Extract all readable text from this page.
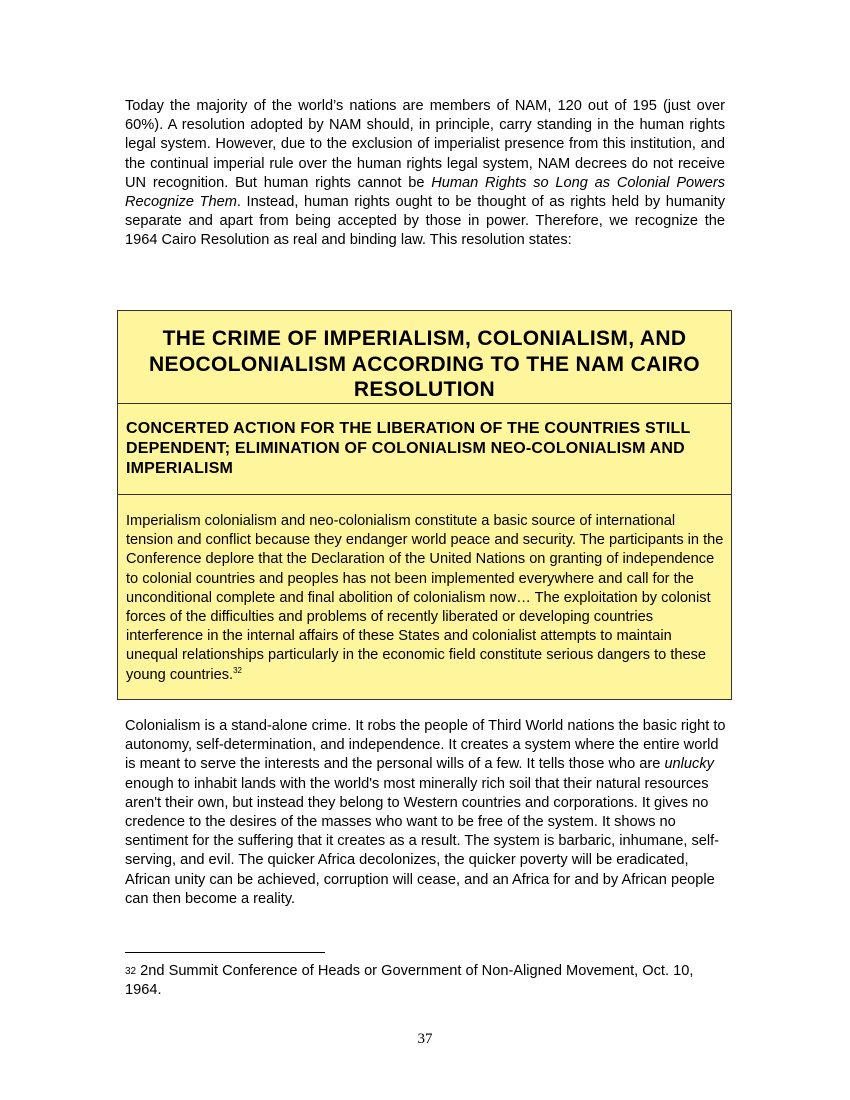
Today the majority of the world’s nations are members of NAM, 120 out of 195 (just over 60%). A resolution adopted by NAM should, in principle, carry standing in the human rights legal system. However, due to the exclusion of imperialist presence from this institution, and the continual imperial rule over the human rights legal system, NAM decrees do not receive UN recognition. But human rights cannot be Human Rights so Long as Colonial Powers Recognize Them. Instead, human rights ought to be thought of as rights held by humanity separate and apart from being accepted by those in power. Therefore, we recognize the 1964 Cairo Resolution as real and binding law. This resolution states:

THE CRIME OF IMPERIALISM, COLONIALISM, AND NEOCOLONIALISM ACCORDING TO THE NAM CAIRO RESOLUTION
CONCERTED ACTION FOR THE LIBERATION OF THE COUNTRIES STILL DEPENDENT; ELIMINATION OF COLONIALISM NEO-COLONIALISM AND IMPERIALISM

Imperialism colonialism and neo-colonialism constitute a basic source of international tension and conflict because they endanger world peace and security. The participants in the Conference deplore that the Declaration of the United Nations on granting of independence to colonial countries and peoples has not been implemented everywhere and call for the unconditional complete and final abolition of colonialism now… The exploitation by colonist forces of the difficulties and problems of recently liberated or developing countries interference in the internal affairs of these States and colonialist attempts to maintain unequal relationships particularly in the economic field constitute serious dangers to these young countries.$^{32}$

Colonialism is a stand-alone crime. It robs the people of Third World nations the basic right to autonomy, self-determination, and independence. It creates a system where the entire world is meant to serve the interests and the personal wills of a few. It tells those who are unlucky enough to inhabit lands with the world's most minerally rich soil that their natural resources aren't their own, but instead they belong to Western countries and corporations. It gives no credence to the desires of the masses who want to be free of the system. It shows no sentiment for the suffering that it creates as a result. The system is barbaric, inhumane, self-serving, and evil. The quicker Africa decolonizes, the quicker poverty will be eradicated, African unity can be achieved, corruption will cease, and an Africa for and by African people can then become a reality.

$^{32}$ 2nd Summit Conference of Heads or Government of Non-Aligned Movement, Oct. 10, 1964.

37
